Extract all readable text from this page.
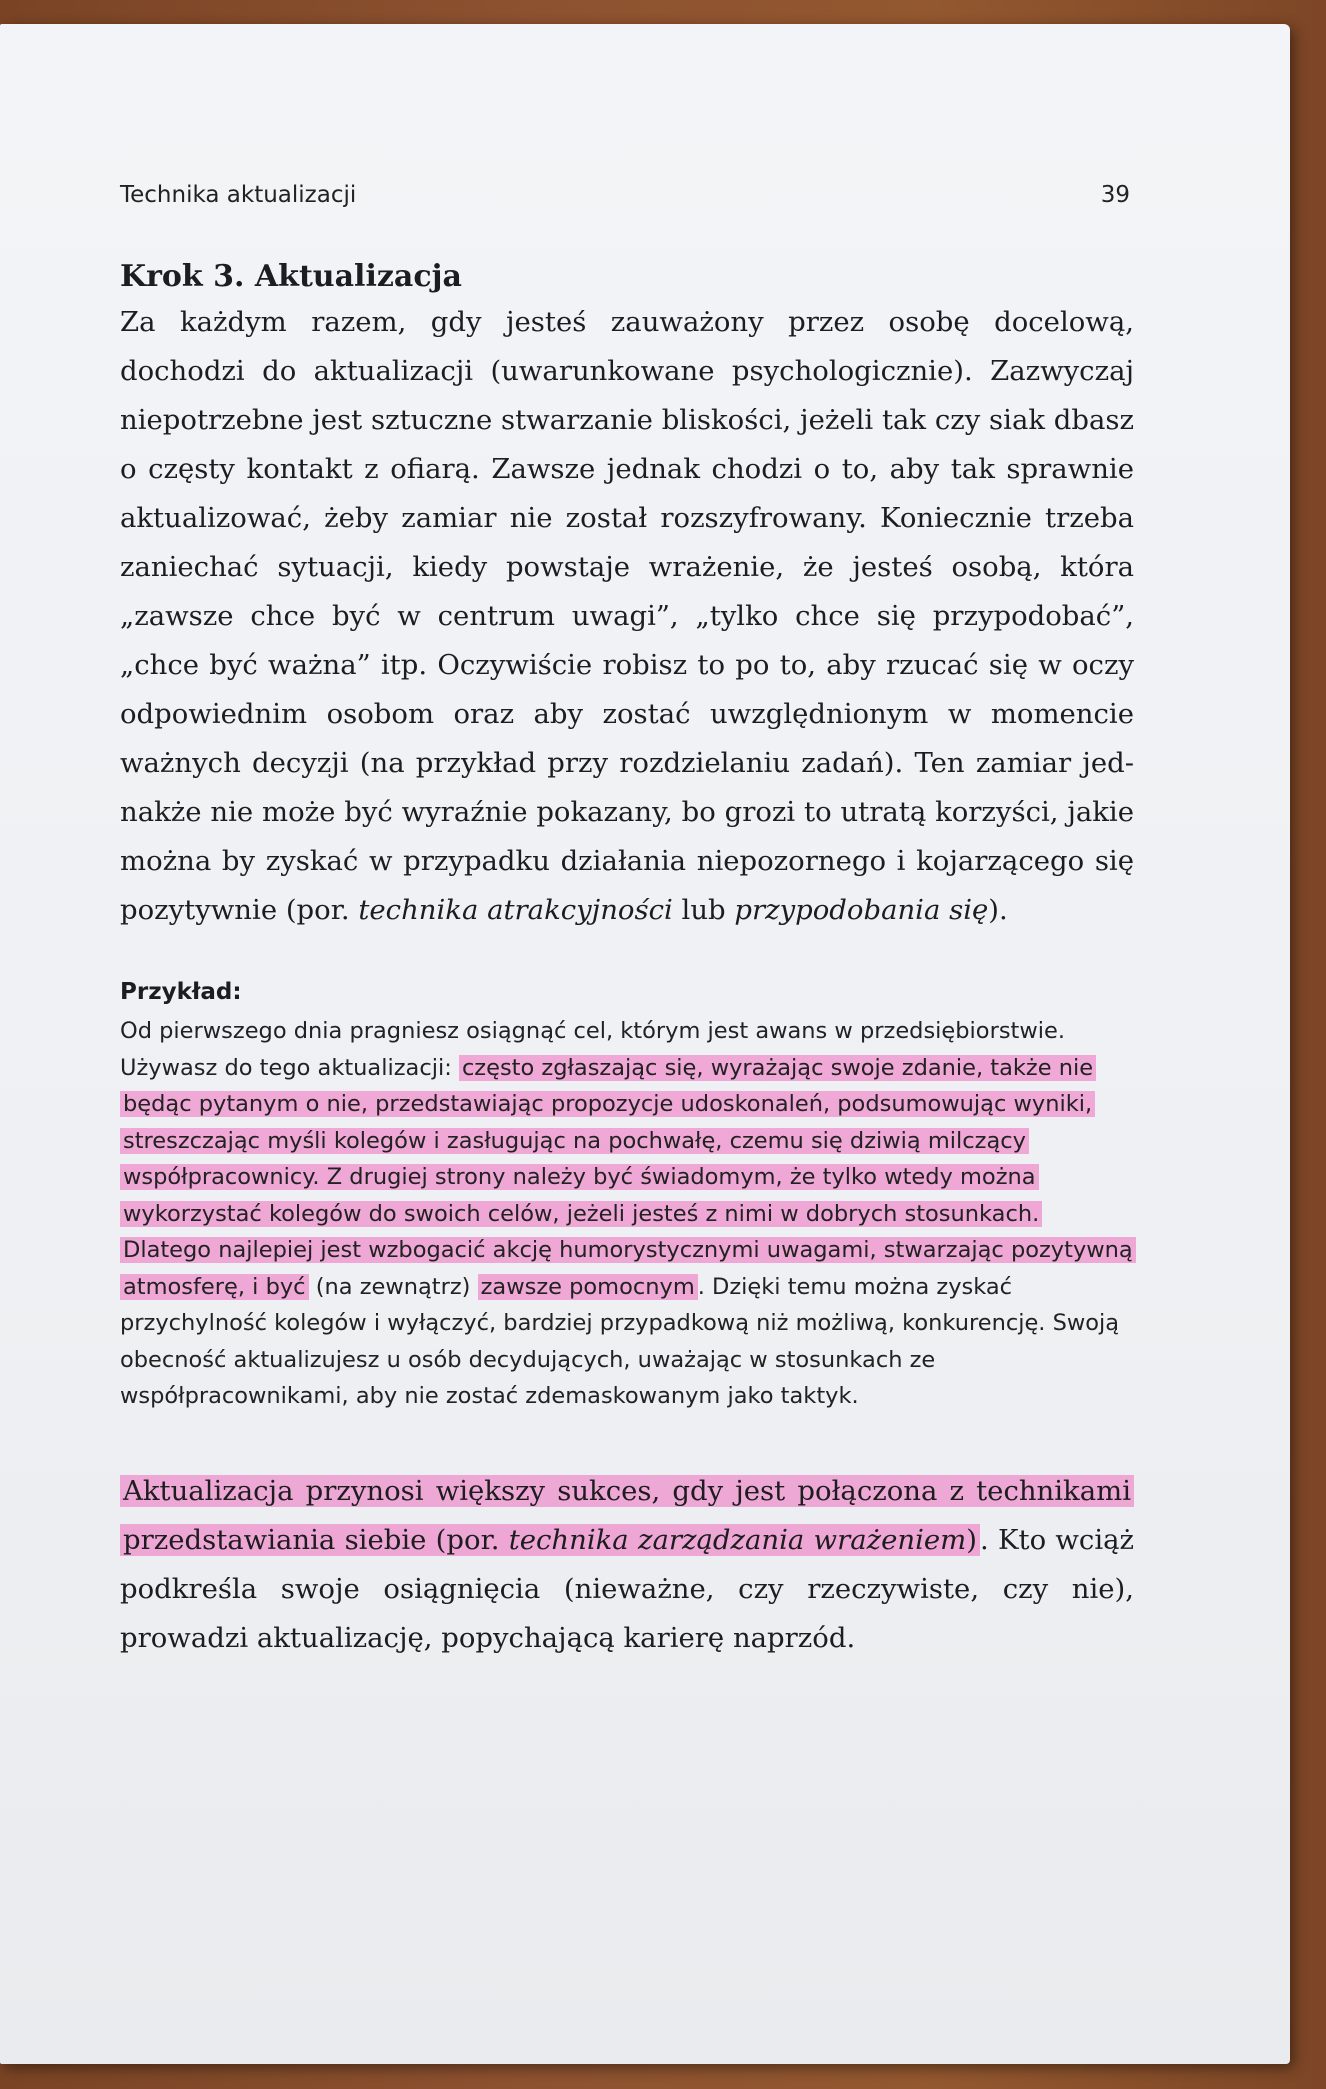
Technika aktualizacji	39
Krok 3. Aktualizacja

Za każdym razem, gdy jesteś zauważony przez osobę docelową, dochodzi do aktualizacji (uwarunkowane psychologicznie). Zazwyczaj niepotrzebne jest sztuczne stwarzanie bliskości, jeżeli tak czy siak dbasz o częsty kontakt z ofiarą. Zawsze jednak chodzi o to, aby tak sprawnie aktualizować, żeby zamiar nie został rozszyfrowany. Koniecznie trzeba zaniechać sytuacji, kiedy powstaje wrażenie, że jesteś osobą, która „zawsze chce być w centrum uwagi”, „tylko chce się przypodobać”, „chce być ważna” itp. Oczywiście robisz to po to, aby rzucać się w oczy odpowiednim osobom oraz aby zostać uwzględnionym w momencie ważnych decyzji (na przykład przy rozdzielaniu zadań). Ten zamiar jednakże nie może być wyraźnie pokazany, bo grozi to utratą korzyści, jakie można by zyskać w przypadku działania niepozornego i kojarzącego się pozytywnie (por. technika atrakcyjności lub przypodobania się).

Przykład:

Od pierwszego dnia pragniesz osiągnąć cel, którym jest awans w przedsiębiorstwie. Używasz do tego aktualizacji: często zgłaszając się, wyrażając swoje zdanie, także nie będąc pytanym o nie, przedstawiając propozycje udoskonaleń, podsumowując wyniki, streszczając myśli kolegów i zasługując na pochwałę, czemu się dziwią milczący współpracownicy. Z drugiej strony należy być świadomym, że tylko wtedy można wykorzystać kolegów do swoich celów, jeżeli jesteś z nimi w dobrych stosunkach. Dlatego najlepiej jest wzbogacić akcję humorystycznymi uwagami, stwarzając pozytywną atmosferę, i być (na zewnątrz) zawsze pomocnym . Dzięki temu można zyskać przychylność kolegów i wyłączyć, bardziej przypadkową niż możliwą, konkurencję. Swoją obecność aktualizujesz u osób decydujących, uważając w stosunkach ze współpracownikami, aby nie zostać zdemaskowanym jako taktyk.

Aktualizacja przynosi większy sukces, gdy jest połączona z technikami przedstawiania siebie (por. technika zarządzania wrażeniem) . Kto wciąż podkreśla swoje osiągnięcia (nieważne, czy rzeczywiste, czy nie), prowadzi aktualizację, popychającą karierę naprzód.
